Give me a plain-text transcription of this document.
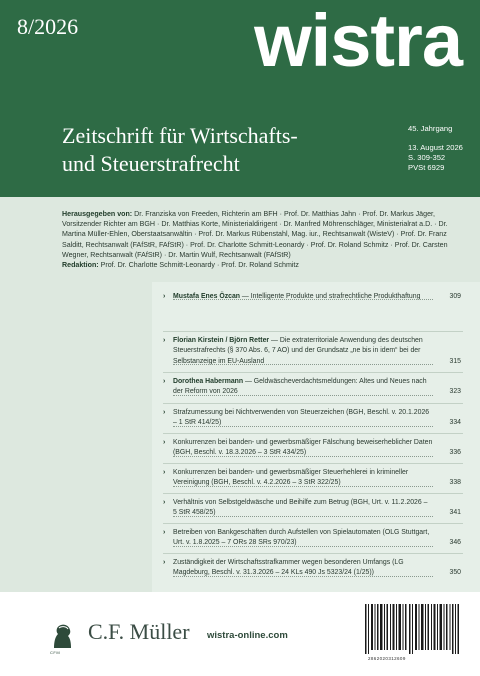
8/2026 wistra
Zeitschrift für Wirtschafts-
und Steuerstrafrecht
45. Jahrgang
13. August 2026
S. 309-352
PVSt 6929
Herausgegeben von: Dr. Franziska von Freeden, Richterin am BFH · Prof. Dr. Matthias Jahn · Prof. Dr. Markus Jäger, Vorsitzender Richter am BGH · Dr. Matthias Korte, Ministerialdirigent · Dr. Manfred Möhrenschläger, Ministerialrat a.D. · Dr. Martina Müller-Ehlen, Oberstaatsanwältin · Prof. Dr. Markus Rübenstahl, Mag. iur., Rechtsanwalt (WisteV) · Prof. Dr. Franz Salditt, Rechtsanwalt (FAfStR, FAfStR) · Prof. Dr. Charlotte Schmitt-Leonardy · Prof. Dr. Roland Schmitz · Prof. Dr. Carsten Wegner, Rechtsanwalt (FAfStR) · Dr. Martin Wulf, Rechtsanwalt (FAfStR)
Redaktion: Prof. Dr. Charlotte Schmitt-Leonardy · Prof. Dr. Roland Schmitz
›	Mustafa Enes Özcan — Intelligente Produkte und strafrechtliche Produkthaftung	309
›	Florian Kirstein / Björn Retter — Die extraterritoriale Anwendung des deutschen Steuerstrafrechts (§ 370 Abs. 6, 7 AO) und der Grundsatz „ne bis in idem“ bei der Selbstanzeige im EU-Ausland	315
›	Dorothea Habermann — Geldwäscheverdachtsmeldungen: Altes und Neues nach der Reform von 2026	323
›	Strafzumessung bei Nichtverwenden von Steuerzeichen (BGH, Beschl. v. 20.1.2026 – 1 StR 414/25)	334
›	Konkurrenzen bei banden- und gewerbsmäßiger Fälschung beweiserheblicher Daten (BGH, Beschl. v. 18.3.2026 – 3 StR 434/25)	336
›	Konkurrenzen bei banden- und gewerbsmäßiger Steuerhehlerei in krimineller Vereinigung (BGH, Beschl. v. 4.2.2026 – 3 StR 322/25)	338
›	Verhältnis von Selbstgeldwäsche und Beihilfe zum Betrug (BGH, Urt. v. 11.2.2026 – 5 StR 458/25)	341
›	Betreiben von Bankgeschäften durch Aufstellen von Spielautomaten (OLG Stuttgart, Urt. v. 1.8.2025 – 7 ORs 28 SRs 970/23)	346
›	Zuständigkeit der Wirtschaftsstrafkammer wegen besonderen Umfangs (LG Magdeburg, Beschl. v. 31.3.2026 – 24 KLs 490 Js 5323/24 (1/25))	350
CFM
C.F. Müller wistra-online.com
2862020312609
